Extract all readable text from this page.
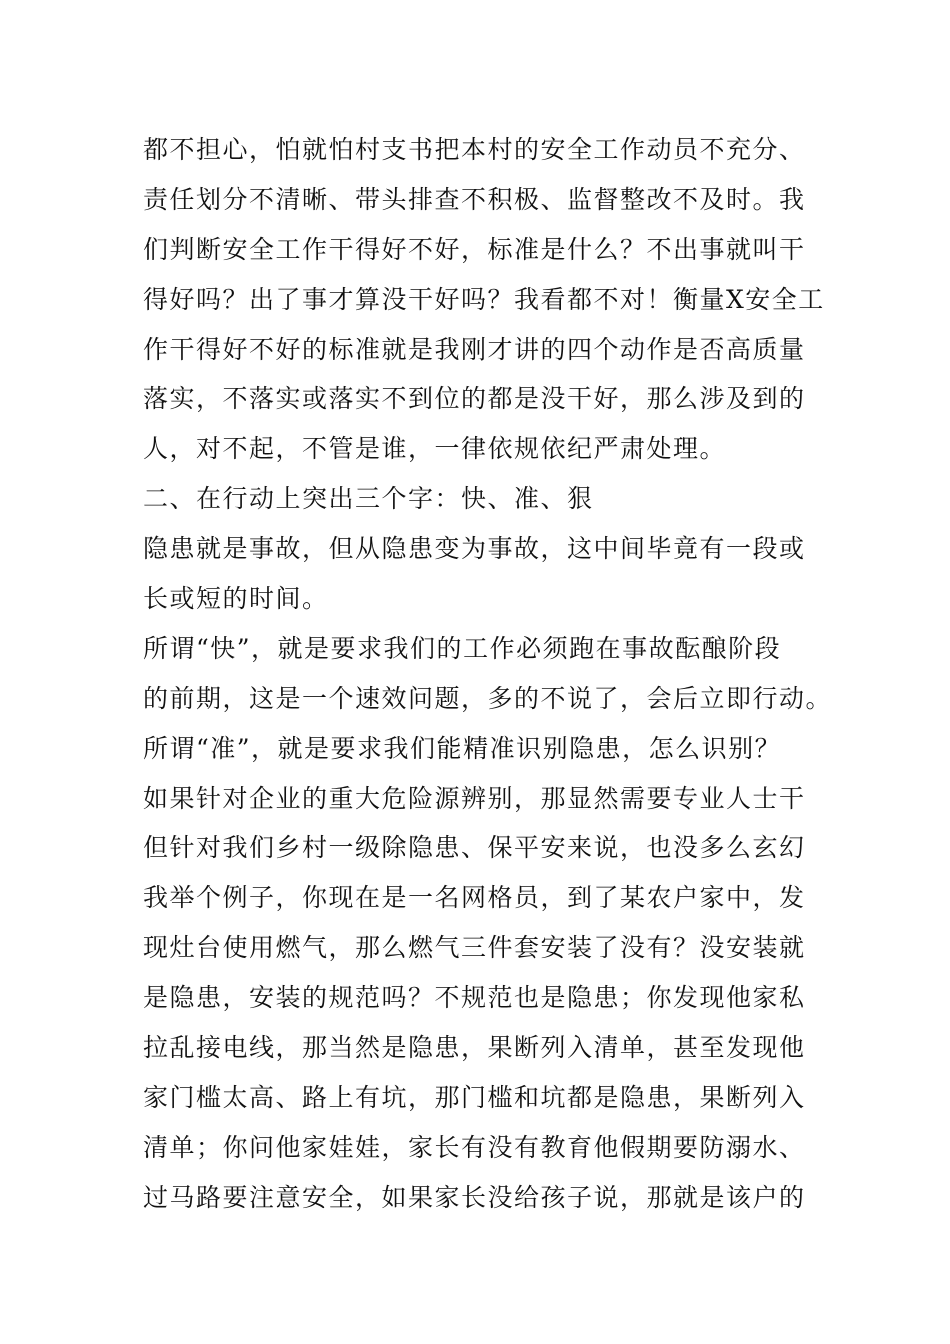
都不担心，怕就怕村支书把本村的安全工作动员不充分、
责任划分不清晰、带头排查不积极、监督整改不及时。我
们判断安全工作干得好不好，标准是什么？不出事就叫干
得好吗？出了事才算没干好吗？我看都不对！衡量X安全工
作干得好不好的标准就是我刚才讲的四个动作是否高质量
落实，不落实或落实不到位的都是没干好，那么涉及到的
人，对不起，不管是谁，一律依规依纪严肃处理。
二、在行动上突出三个字：快、准、狠
隐患就是事故，但从隐患变为事故，这中间毕竟有一段或
长或短的时间。
所谓“快”，就是要求我们的工作必须跑在事故酝酿阶段
的前期，这是一个速效问题，多的不说了，会后立即行动。
所谓“准”，就是要求我们能精准识别隐患，怎么识别？
如果针对企业的重大危险源辨别，那显然需要专业人士干
但针对我们乡村一级除隐患、保平安来说，也没多么玄幻
我举个例子，你现在是一名网格员，到了某农户家中，发
现灶台使用燃气，那么燃气三件套安装了没有？没安装就
是隐患，安装的规范吗？不规范也是隐患；你发现他家私
拉乱接电线，那当然是隐患，果断列入清单，甚至发现他
家门槛太高、路上有坑，那门槛和坑都是隐患，果断列入
清单；你问他家娃娃，家长有没有教育他假期要防溺水、
过马路要注意安全，如果家长没给孩子说，那就是该户的
